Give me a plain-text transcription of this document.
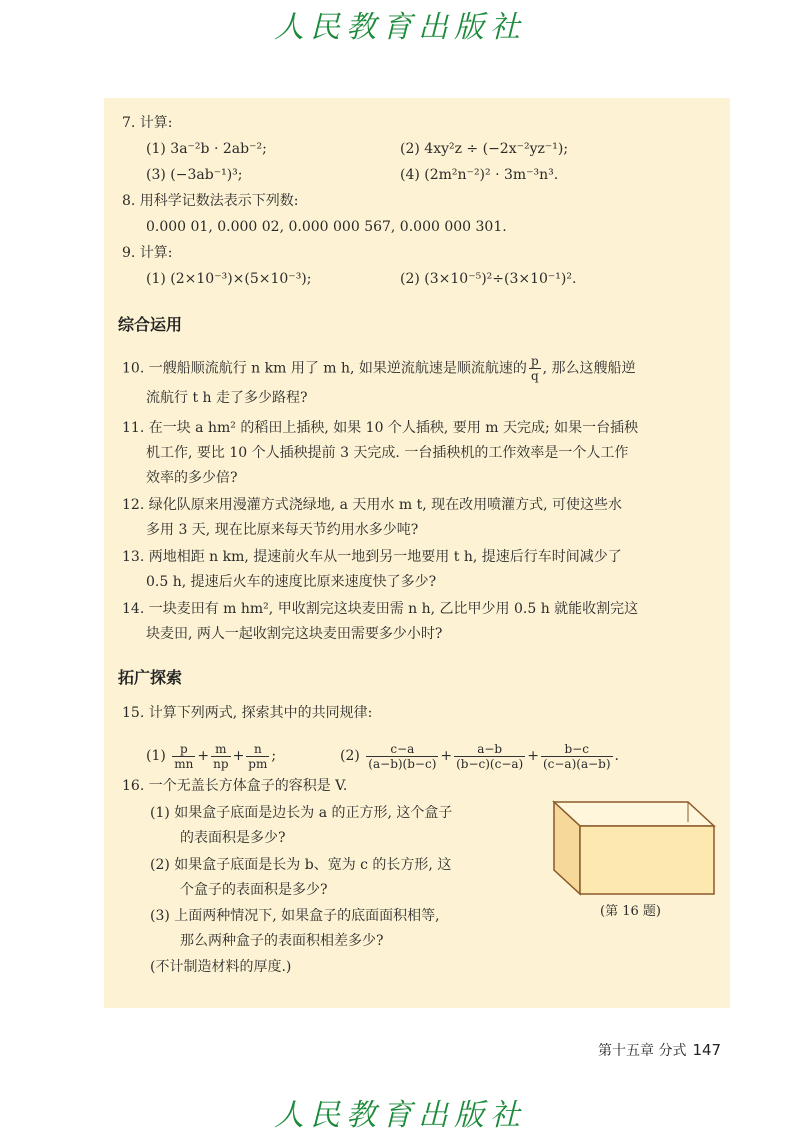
人民教育出版社
7. 计算:
(1) 3a⁻²b · 2ab⁻²;	(2) 4xy²z ÷ (−2x⁻²yz⁻¹);
(3) (−3ab⁻¹)³;	(4) (2m²n⁻²)² · 3m⁻³n³.
8. 用科学记数法表示下列数:
0.000 01, 0.000 02, 0.000 000 567, 0.000 000 301.
9. 计算:
(1) (2×10⁻³)×(5×10⁻³);	(2) (3×10⁻⁵)²÷(3×10⁻¹)².
综合运用
10. 一艘船顺流航行 n km 用了 m h, 如果逆流航速是顺流航速的 $\frac{p}{q}$ , 那么这艘船逆
流航行 t h 走了多少路程?
11. 在一块 a hm² 的稻田上插秧, 如果 10 个人插秧, 要用 m 天完成; 如果一台插秧
机工作, 要比 10 个人插秧提前 3 天完成. 一台插秧机的工作效率是一个人工作
效率的多少倍?
12. 绿化队原来用漫灌方式浇绿地, a 天用水 m t, 现在改用喷灌方式, 可使这些水
多用 3 天, 现在比原来每天节约用水多少吨?
13. 两地相距 n km, 提速前火车从一地到另一地要用 t h, 提速后行车时间减少了
0.5 h, 提速后火车的速度比原来速度快了多少?
14. 一块麦田有 m hm², 甲收割完这块麦田需 n h, 乙比甲少用 0.5 h 就能收割完这
块麦田, 两人一起收割完这块麦田需要多少小时?
拓广探索
15. 计算下列两式, 探索其中的共同规律:
$(1) \frac{p}{mn} + \frac{m}{np} + \frac{n}{pm}$ ;	$(2) \frac{c-a}{(a-b)(b-c)} + \frac{a-b}{(b-c)(c-a)} + \frac{b-c}{(c-a)(a-b)}$ .
16. 一个无盖长方体盒子的容积是 V.
(1) 如果盒子底面是边长为 a 的正方形, 这个盒子
的表面积是多少?
(2) 如果盒子底面是长为 b、宽为 c 的长方形, 这
个盒子的表面积是多少?
(3) 上面两种情况下, 如果盒子的底面面积相等,
那么两种盒子的表面积相差多少?
(不计制造材料的厚度.)
(第 16 题)
第十五章 分式 147
人民教育出版社
